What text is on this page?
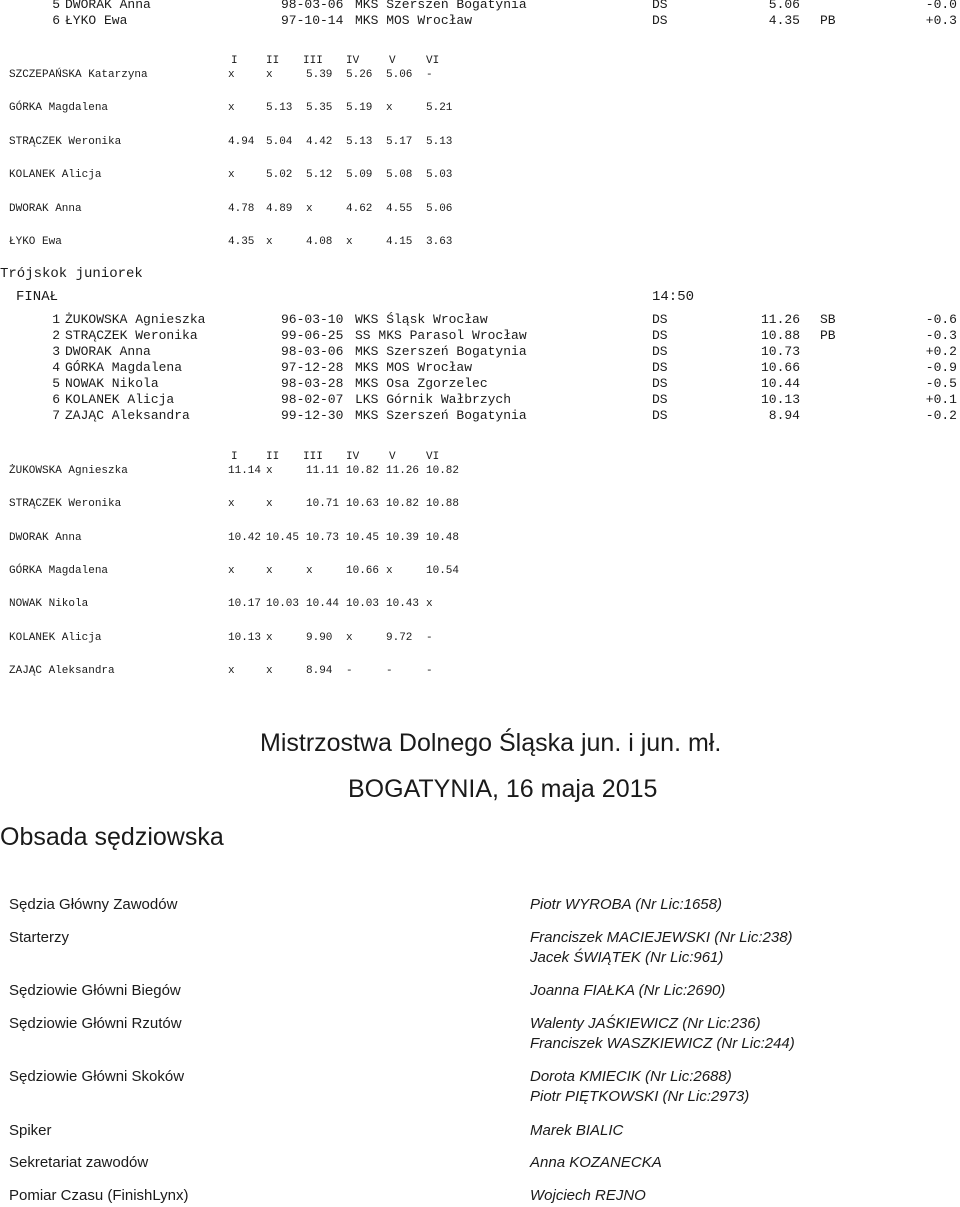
5 DWORAK Anna	98-03-06 MKS Szerszeń Bogatynia	DS	5.06	-0.0
6 ŁYKO Ewa	97-10-14 MKS MOS Wrocław	DS	4.35 PB	+0.3
I	II III IV	V	VI
SZCZEPAŃSKA Katarzyna	x	x	5.39 5.26 5.06 -
GÓRKA Magdalena	x	5.13 5.35 5.19 x	5.21
STRĄCZEK Weronika	4.94 5.04 4.42 5.13 5.17 5.13
KOLANEK Alicja	x	5.02 5.12 5.09 5.08 5.03
DWORAK Anna	4.78 4.89 x	4.62 4.55 5.06
ŁYKO Ewa	4.35 x	4.08 x	4.15 3.63
Trójskok juniorek
FINAŁ	14:50
1 ŻUKOWSKA Agnieszka	96-03-10 WKS Śląsk Wrocław	DS	11.26 SB	-0.6
2 STRĄCZEK Weronika	99-06-25 SS MKS Parasol Wrocław	DS	10.88 PB	-0.3
3 DWORAK Anna	98-03-06 MKS Szerszeń Bogatynia	DS	10.73	+0.2
4 GÓRKA Magdalena	97-12-28 MKS MOS Wrocław	DS	10.66	-0.9
5 NOWAK Nikola	98-03-28 MKS Osa Zgorzelec	DS	10.44	-0.5
6 KOLANEK Alicja	98-02-07 LKS Górnik Wałbrzych	DS	10.13	+0.1
7 ZAJĄC Aleksandra	99-12-30 MKS Szerszeń Bogatynia	DS	8.94	-0.2
I	II III IV	V	VI
ŻUKOWSKA Agnieszka	11.14 x	11.11 10.82 11.26 10.82
STRĄCZEK Weronika	x	x	10.71 10.63 10.82 10.88
DWORAK Anna	10.42 10.45 10.73 10.45 10.39 10.48
GÓRKA Magdalena	x	x	x	10.66 x	10.54
NOWAK Nikola	10.17 10.03 10.44 10.03 10.43 x
KOLANEK Alicja	10.13 x	9.90 x	9.72 -
ZAJĄC Aleksandra	x	x	8.94 -	-	-
Mistrzostwa Dolnego Śląska jun. i jun. mł.
BOGATYNIA, 16 maja 2015
Obsada sędziowska
Sędzia Główny Zawodów	Piotr WYROBA (Nr Lic:1658)
Starterzy	Franciszek MACIEJEWSKI (Nr Lic:238)
Jacek ŚWIĄTEK (Nr Lic:961)
Sędziowie Główni Biegów	Joanna FIAŁKA (Nr Lic:2690)
Sędziowie Główni Rzutów	Walenty JAŚKIEWICZ (Nr Lic:236)
Franciszek WASZKIEWICZ (Nr Lic:244)
Sędziowie Główni Skoków	Dorota KMIECIK (Nr Lic:2688)
Piotr PIĘTKOWSKI (Nr Lic:2973)
Spiker	Marek BIALIC
Sekretariat zawodów	Anna KOZANECKA
Pomiar Czasu (FinishLynx)	Wojciech REJNO
